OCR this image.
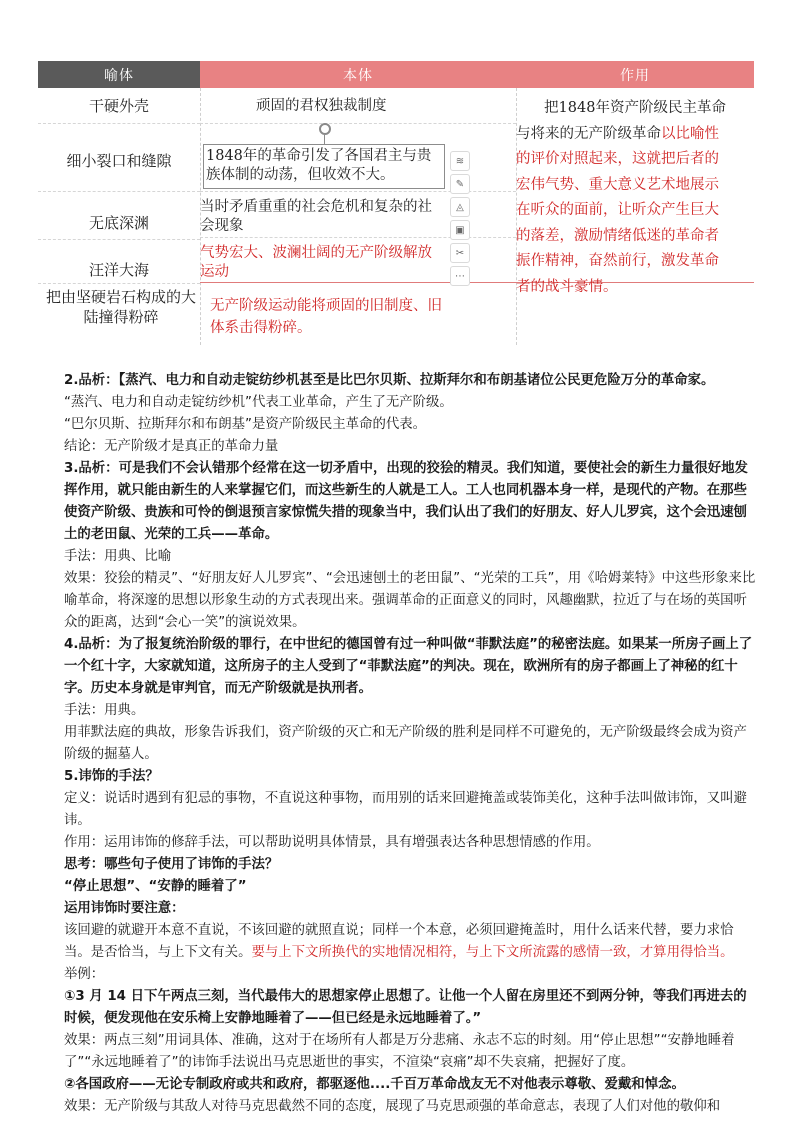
喻体	本体	作用
干硬外壳
细小裂口和缝隙
无底深渊
汪洋大海
把由坚硬岩石构成的大陆撞得粉碎
顽固的君权独裁制度
1848年的革命引发了各国君主与贵族体制的动荡，但收效不大。
当时矛盾重重的社会危机和复杂的社会现象
气势宏大、波澜壮阔的无产阶级解放运动
无产阶级运动能将顽固的旧制度、旧体系击得粉碎。
把1848年资产阶级民主革命
与将来的无产阶级革命以比喻性
的评价对照起来，这就把后者的
宏伟气势、重大意义艺术地展示
在听众的面前，让听众产生巨大
的落差，激励情绪低迷的革命者
振作精神，奋然前行，激发革命
者的战斗豪情。
≋
✎
◬
▣
✂
⋯

2.品析：【蒸汽、电力和自动走锭纺纱机甚至是比巴尔贝斯、拉斯拜尔和布朗基诸位公民更危险万分的革命家。

“蒸汽、电力和自动走锭纺纱机”代表工业革命，产生了无产阶级。

“巴尔贝斯、拉斯拜尔和布朗基”是资产阶级民主革命的代表。

结论：无产阶级才是真正的革命力量

3.品析：可是我们不会认错那个经常在这一切矛盾中，出现的狡狯的精灵。我们知道，要使社会的新生力量很好地发挥作用，就只能由新生的人来掌握它们，而这些新生的人就是工人。工人也同机器本身一样，是现代的产物。在那些使资产阶级、贵族和可怜的倒退预言家惊慌失措的现象当中，我们认出了我们的好朋友、好人儿罗宾，这个会迅速刨土的老田鼠、光荣的工兵——革命。

手法：用典、比喻

效果：狡狯的精灵”、“好朋友好人儿罗宾”、“会迅速刨土的老田鼠”、“光荣的工兵”，用《哈姆莱特》中这些形象来比喻革命，将深邃的思想以形象生动的方式表现出来。强调革命的正面意义的同时，风趣幽默，拉近了与在场的英国听众的距离，达到“会心一笑”的演说效果。

4.品析：为了报复统治阶级的罪行，在中世纪的德国曾有过一种叫做“菲默法庭”的秘密法庭。如果某一所房子画上了一个红十字，大家就知道，这所房子的主人受到了“菲默法庭”的判决。现在，欧洲所有的房子都画上了神秘的红十字。历史本身就是审判官，而无产阶级就是执刑者。

手法：用典。

用菲默法庭的典故，形象告诉我们，资产阶级的灭亡和无产阶级的胜利是同样不可避免的，无产阶级最终会成为资产阶级的掘墓人。

5.讳饰的手法？

定义：说话时遇到有犯忌的事物，不直说这种事物，而用别的话来回避掩盖或装饰美化，这种手法叫做讳饰，又叫避讳。

作用：运用讳饰的修辞手法，可以帮助说明具体情景，具有增强表达各种思想情感的作用。

思考：哪些句子使用了讳饰的手法？

“停止思想”、“安静的睡着了”

运用讳饰时要注意：

该回避的就避开本意不直说，不该回避的就照直说；同样一个本意，必须回避掩盖时，用什么话来代替，要力求恰当。是否恰当，与上下文有关。要与上下文所换代的实地情况相符，与上下文所流露的感情一致，才算用得恰当。

举例：

①3 月 14 日下午两点三刻，当代最伟大的思想家停止思想了。让他一个人留在房里还不到两分钟，等我们再进去的时候，便发现他在安乐椅上安静地睡着了——但已经是永远地睡着了。”

效果：两点三刻”用词具体、准确，这对于在场所有人都是万分悲痛、永志不忘的时刻。用“停止思想”“安静地睡着了”“永远地睡着了”的讳饰手法说出马克思逝世的事实，不渲染“哀痛”却不失哀痛，把握好了度。

②各国政府——无论专制政府或共和政府，都驱逐他....千百万革命战友无不对他表示尊敬、爱戴和悼念。

效果：无产阶级与其敌人对待马克思截然不同的态度，展现了马克思顽强的革命意志，表现了人们对他的敬仰和
